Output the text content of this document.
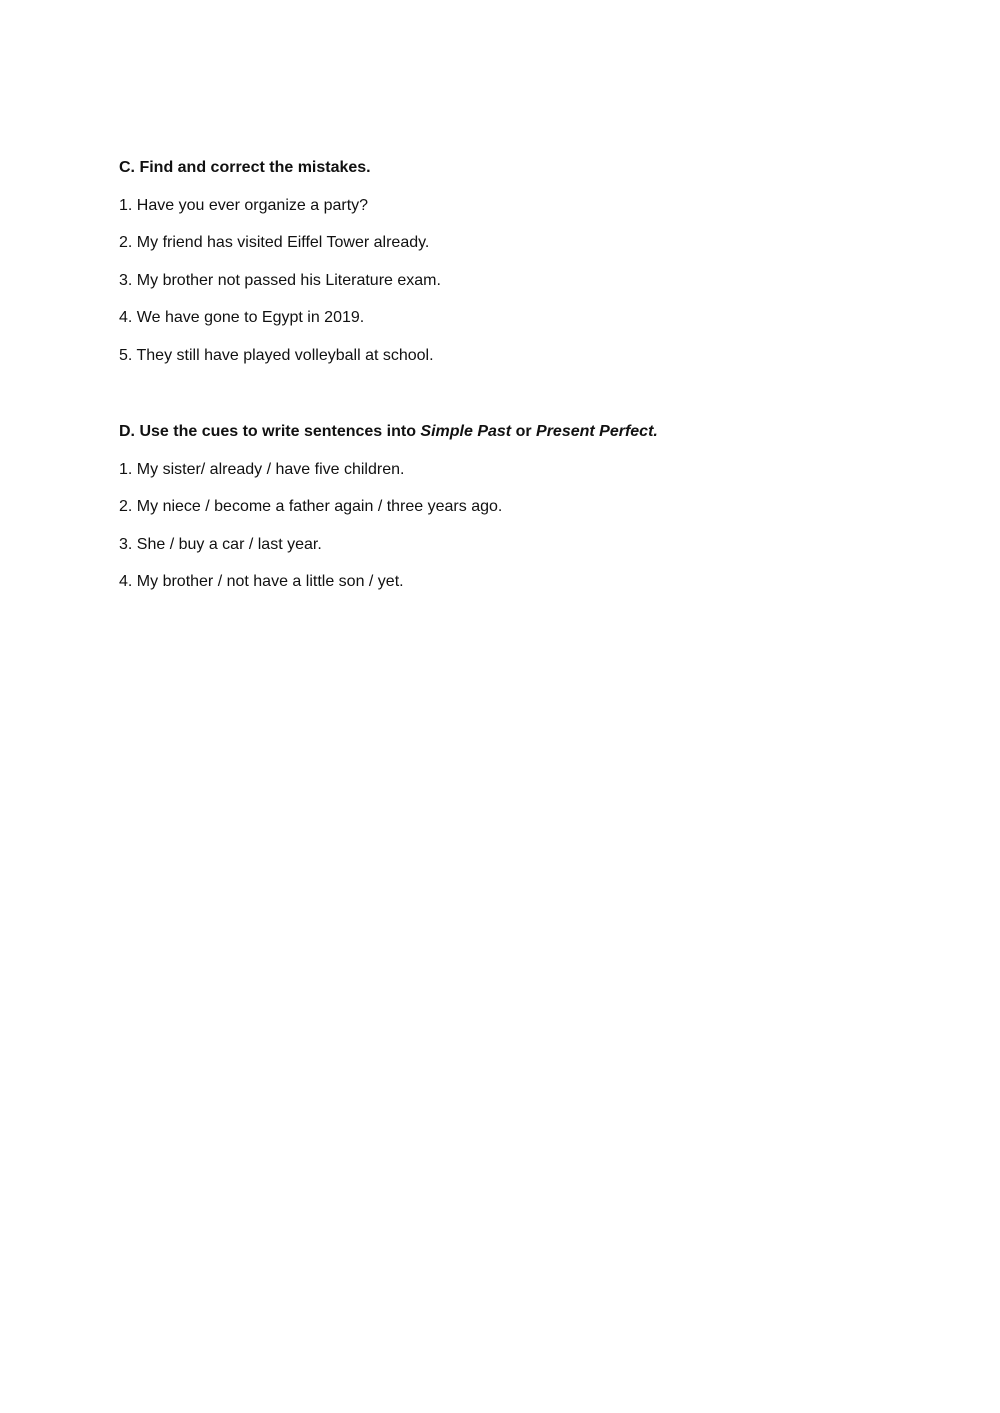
C. Find and correct the mistakes.
1. Have you ever organize a party?
2. My friend has visited Eiffel Tower already.
3. My brother not passed his Literature exam.
4. We have gone to Egypt in 2019.
5. They still have played volleyball at school.
D. Use the cues to write sentences into Simple Past or Present Perfect.
1. My sister/ already / have five children.
2. My niece / become a father again / three years ago.
3. She / buy a car / last year.
4. My brother / not have a little son / yet.
